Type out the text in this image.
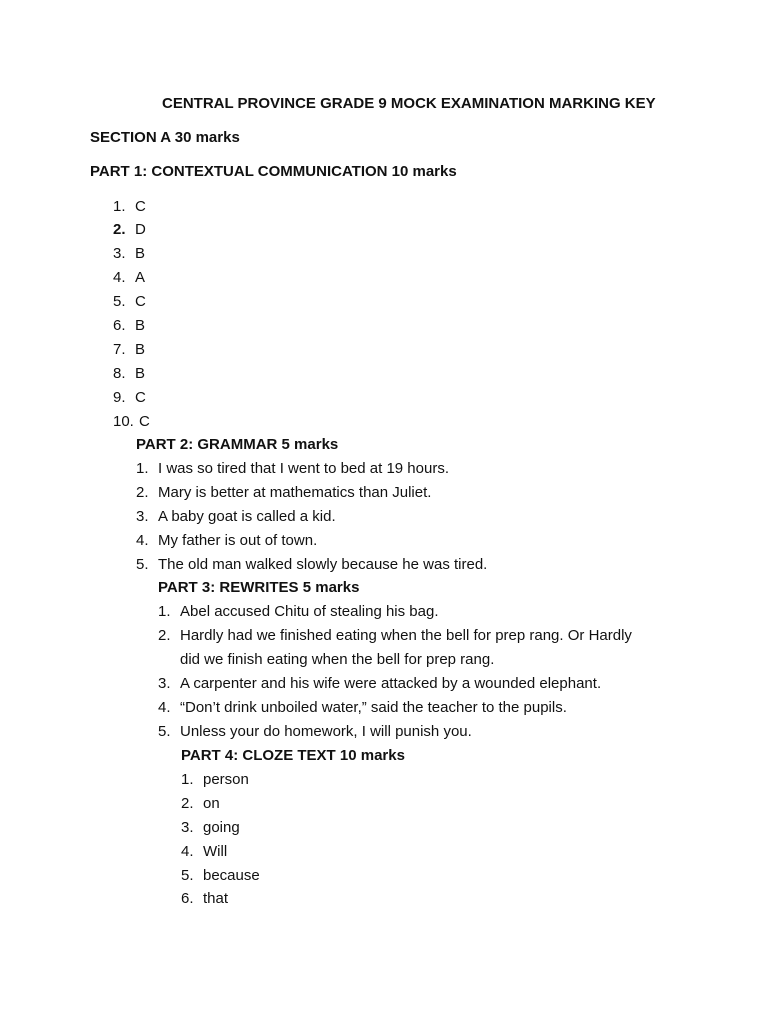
CENTRAL PROVINCE GRADE 9 MOCK EXAMINATION MARKING KEY
SECTION A 30 marks
PART 1: CONTEXTUAL COMMUNICATION 10 marks
1. C
2. D
3. B
4. A
5. C
6. B
7. B
8. B
9. C
10. C
PART 2: GRAMMAR 5 marks
1. I was so tired that I went to bed at 19 hours.
2. Mary is better at mathematics than Juliet.
3. A baby goat is called a kid.
4. My father is out of town.
5. The old man walked slowly because he was tired.
PART 3: REWRITES 5 marks
1. Abel accused Chitu of stealing his bag.
2. Hardly had we finished eating when the bell for prep rang. Or Hardly
did we finish eating when the bell for prep rang.
3. A carpenter and his wife were attacked by a wounded elephant.
4. “Don’t drink unboiled water,” said the teacher to the pupils.
5. Unless your do homework, I will punish you.
PART 4: CLOZE TEXT 10 marks
1. person
2. on
3. going
4. Will
5. because
6. that
